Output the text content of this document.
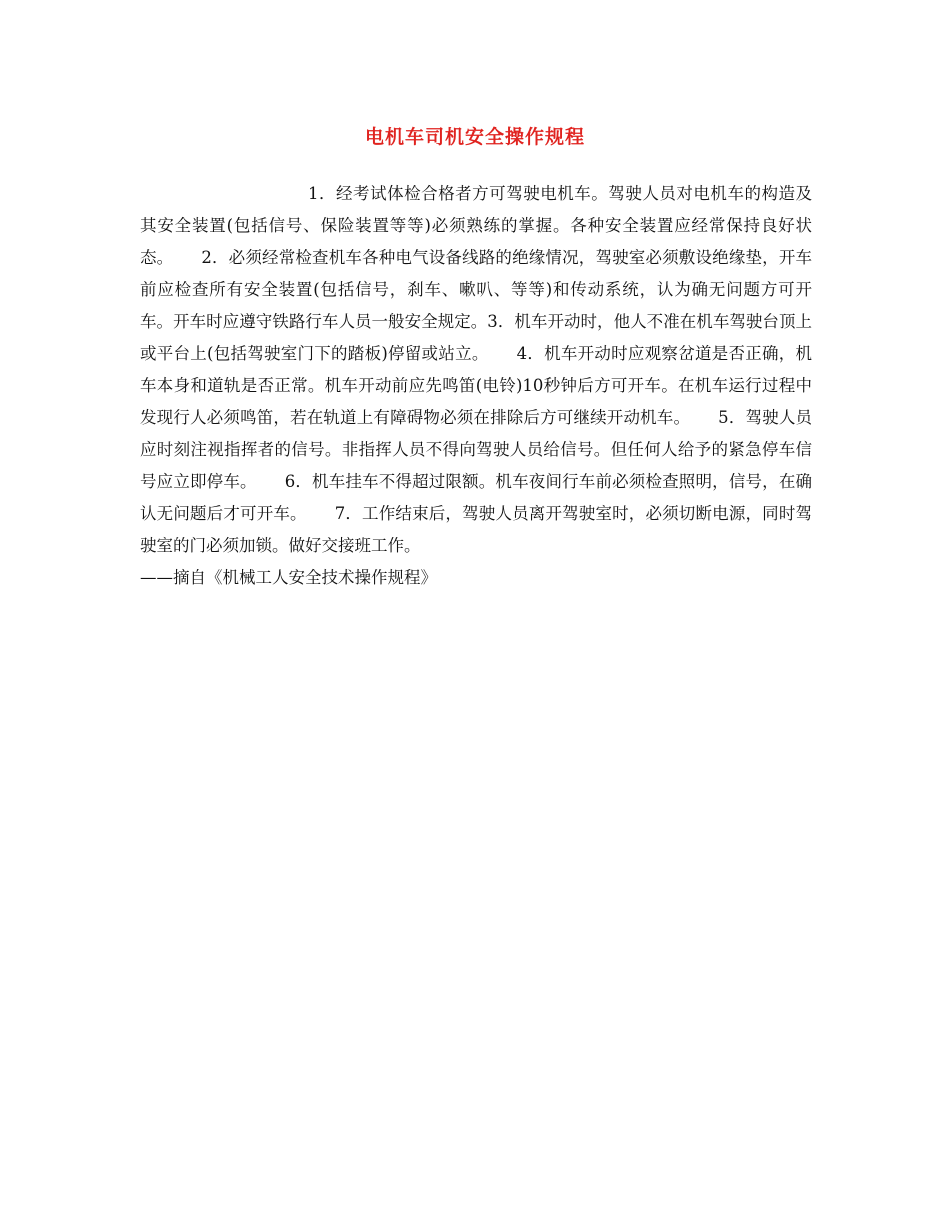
电机车司机安全操作规程
1．经考试体检合格者方可驾驶电机车。驾驶人员对电机车的构造及其安全装置(包括信号、保险装置等等)必须熟练的掌握。各种安全装置应经常保持良好状态。 2．必须经常检查机车各种电气设备线路的绝缘情况，驾驶室必须敷设绝缘垫，开车前应检查所有安全装置(包括信号，刹车、嗽叭、等等)和传动系统，认为确无问题方可开车。开车时应遵守铁路行车人员一般安全规定。3．机车开动时，他人不准在机车驾驶台顶上或平台上(包括驾驶室门下的踏板)停留或站立。 4．机车开动时应观察岔道是否正确，机车本身和道轨是否正常。机车开动前应先鸣笛(电铃)10秒钟后方可开车。在机车运行过程中发现行人必须鸣笛，若在轨道上有障碍物必须在排除后方可继续开动机车。 5．驾驶人员应时刻注视指挥者的信号。非指挥人员不得向驾驶人员给信号。但任何人给予的紧急停车信号应立即停车。 6．机车挂车不得超过限额。机车夜间行车前必须检查照明，信号，在确认无问题后才可开车。 7．工作结束后，驾驶人员离开驾驶室时，必须切断电源，同时驾驶室的门必须加锁。做好交接班工作。
——摘自《机械工人安全技术操作规程》
